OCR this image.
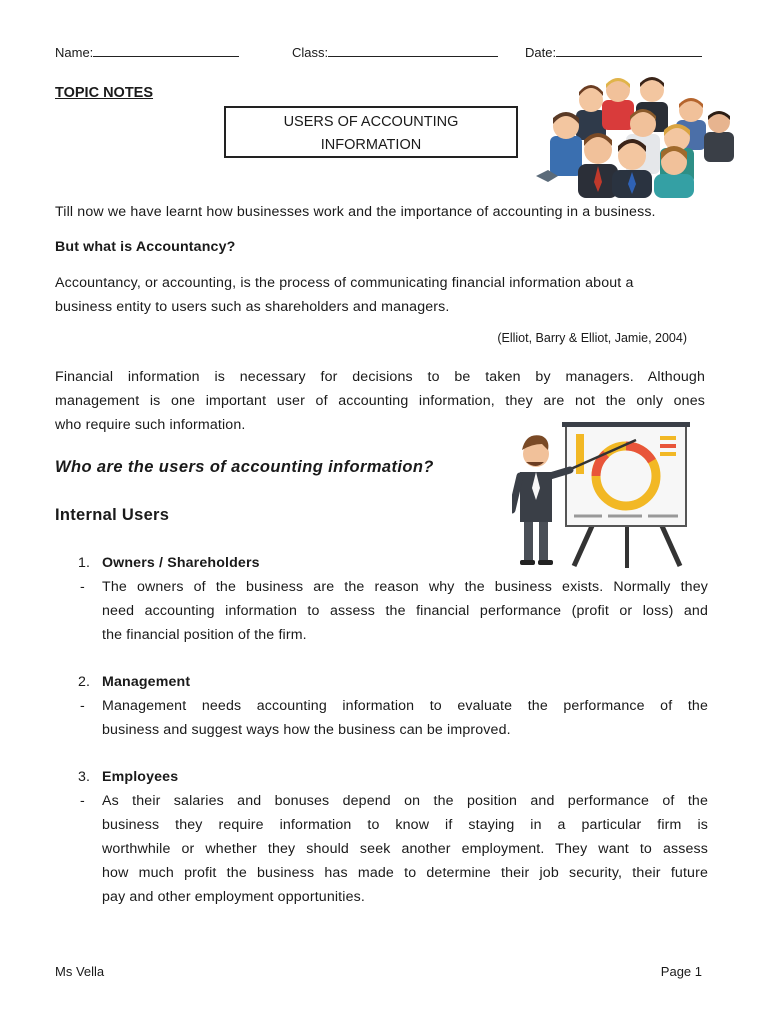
Name:	Class:	Date:
TOPIC NOTES
USERS OF ACCOUNTING
INFORMATION
Till now we have learnt how businesses work and the importance of accounting in a business.
But what is Accountancy?
Accountancy, or accounting, is the process of communicating financial information about a
business entity to users such as shareholders and managers.
(Elliot, Barry & Elliot, Jamie, 2004)
Financial information is necessary for decisions to be taken by managers. Although
management is one important user of accounting information, they are not the only ones
who require such information.
Who are the users of accounting information?
Internal Users
1. Owners / Shareholders
- The owners of the business are the reason why the business exists. Normally they
need accounting information to assess the financial performance (profit or loss) and
the financial position of the firm.
2. Management
- Management needs accounting information to evaluate the performance of the
business and suggest ways how the business can be improved.
3. Employees
- As their salaries and bonuses depend on the position and performance of the
business they require information to know if staying in a particular firm is
worthwhile or whether they should seek another employment. They want to assess
how much profit the business has made to determine their job security, their future
pay and other employment opportunities.
Ms Vella	Page 1
